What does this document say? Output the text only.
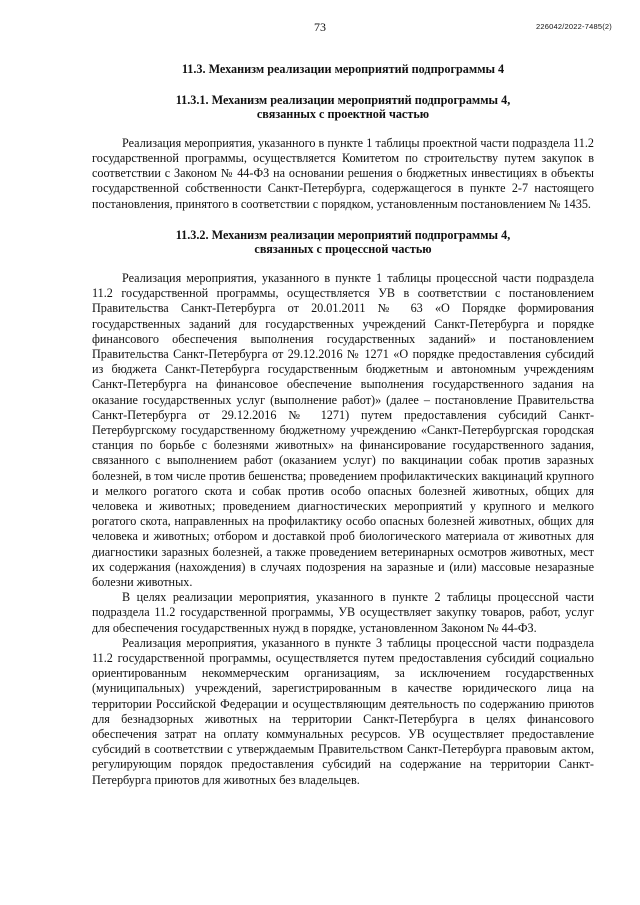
73	226042/2022-7485(2)
11.3. Механизм реализации мероприятий подпрограммы 4
11.3.1. Механизм реализации мероприятий подпрограммы 4,
связанных с проектной частью

Реализация мероприятия, указанного в пункте 1 таблицы проектной части подраздела 11.2 государственной программы, осуществляется Комитетом по строительству путем закупок в соответствии с Законом № 44-ФЗ на основании решения о бюджетных инвестициях в объекты государственной собственности Санкт-Петербурга, содержащегося в пункте 2-7 настоящего постановления, принятого в соответствии с порядком, установленным постановлением № 1435.

11.3.2. Механизм реализации мероприятий подпрограммы 4,
связанных с процессной частью

Реализация мероприятия, указанного в пункте 1 таблицы процессной части подраздела 11.2 государственной программы, осуществляется УВ в соответствии с постановлением Правительства Санкт-Петербурга от 20.01.2011 № 63 «О Порядке формирования государственных заданий для государственных учреждений Санкт-Петербурга и порядке финансового обеспечения выполнения государственных заданий» и постановлением Правительства Санкт-Петербурга от 29.12.2016 № 1271 «О порядке предоставления субсидий из бюджета Санкт-Петербурга государственным бюджетным и автономным учреждениям Санкт-Петербурга на финансовое обеспечение выполнения государственного задания на оказание государственных услуг (выполнение работ)» (далее – постановление Правительства Санкт-Петербурга от 29.12.2016 № 1271) путем предоставления субсидий Санкт-Петербургскому государственному бюджетному учреждению «Санкт-Петербургская городская станция по борьбе с болезнями животных» на финансирование государственного задания, связанного с выполнением работ (оказанием услуг) по вакцинации собак против заразных болезней, в том числе против бешенства; проведением профилактических вакцинаций крупного и мелкого рогатого скота и собак против особо опасных болезней животных, общих для человека и животных; проведением диагностических мероприятий у крупного и мелкого рогатого скота, направленных на профилактику особо опасных болезней животных, общих для человека и животных; отбором и доставкой проб биологического материала от животных для диагностики заразных болезней, а также проведением ветеринарных осмотров животных, мест их содержания (нахождения) в случаях подозрения на заразные и (или) массовые незаразные болезни животных.

В целях реализации мероприятия, указанного в пункте 2 таблицы процессной части подраздела 11.2 государственной программы, УВ осуществляет закупку товаров, работ, услуг для обеспечения государственных нужд в порядке, установленном Законом № 44-ФЗ.

Реализация мероприятия, указанного в пункте 3 таблицы процессной части подраздела 11.2 государственной программы, осуществляется путем предоставления субсидий социально ориентированным некоммерческим организациям, за исключением государственных (муниципальных) учреждений, зарегистрированным в качестве юридического лица на территории Российской Федерации и осуществляющим деятельность по содержанию приютов для безнадзорных животных на территории Санкт-Петербурга в целях финансового обеспечения затрат на оплату коммунальных ресурсов. УВ осуществляет предоставление субсидий в соответствии с утверждаемым Правительством Санкт-Петербурга правовым актом, регулирующим порядок предоставления субсидий на содержание на территории Санкт-Петербурга приютов для животных без владельцев.
